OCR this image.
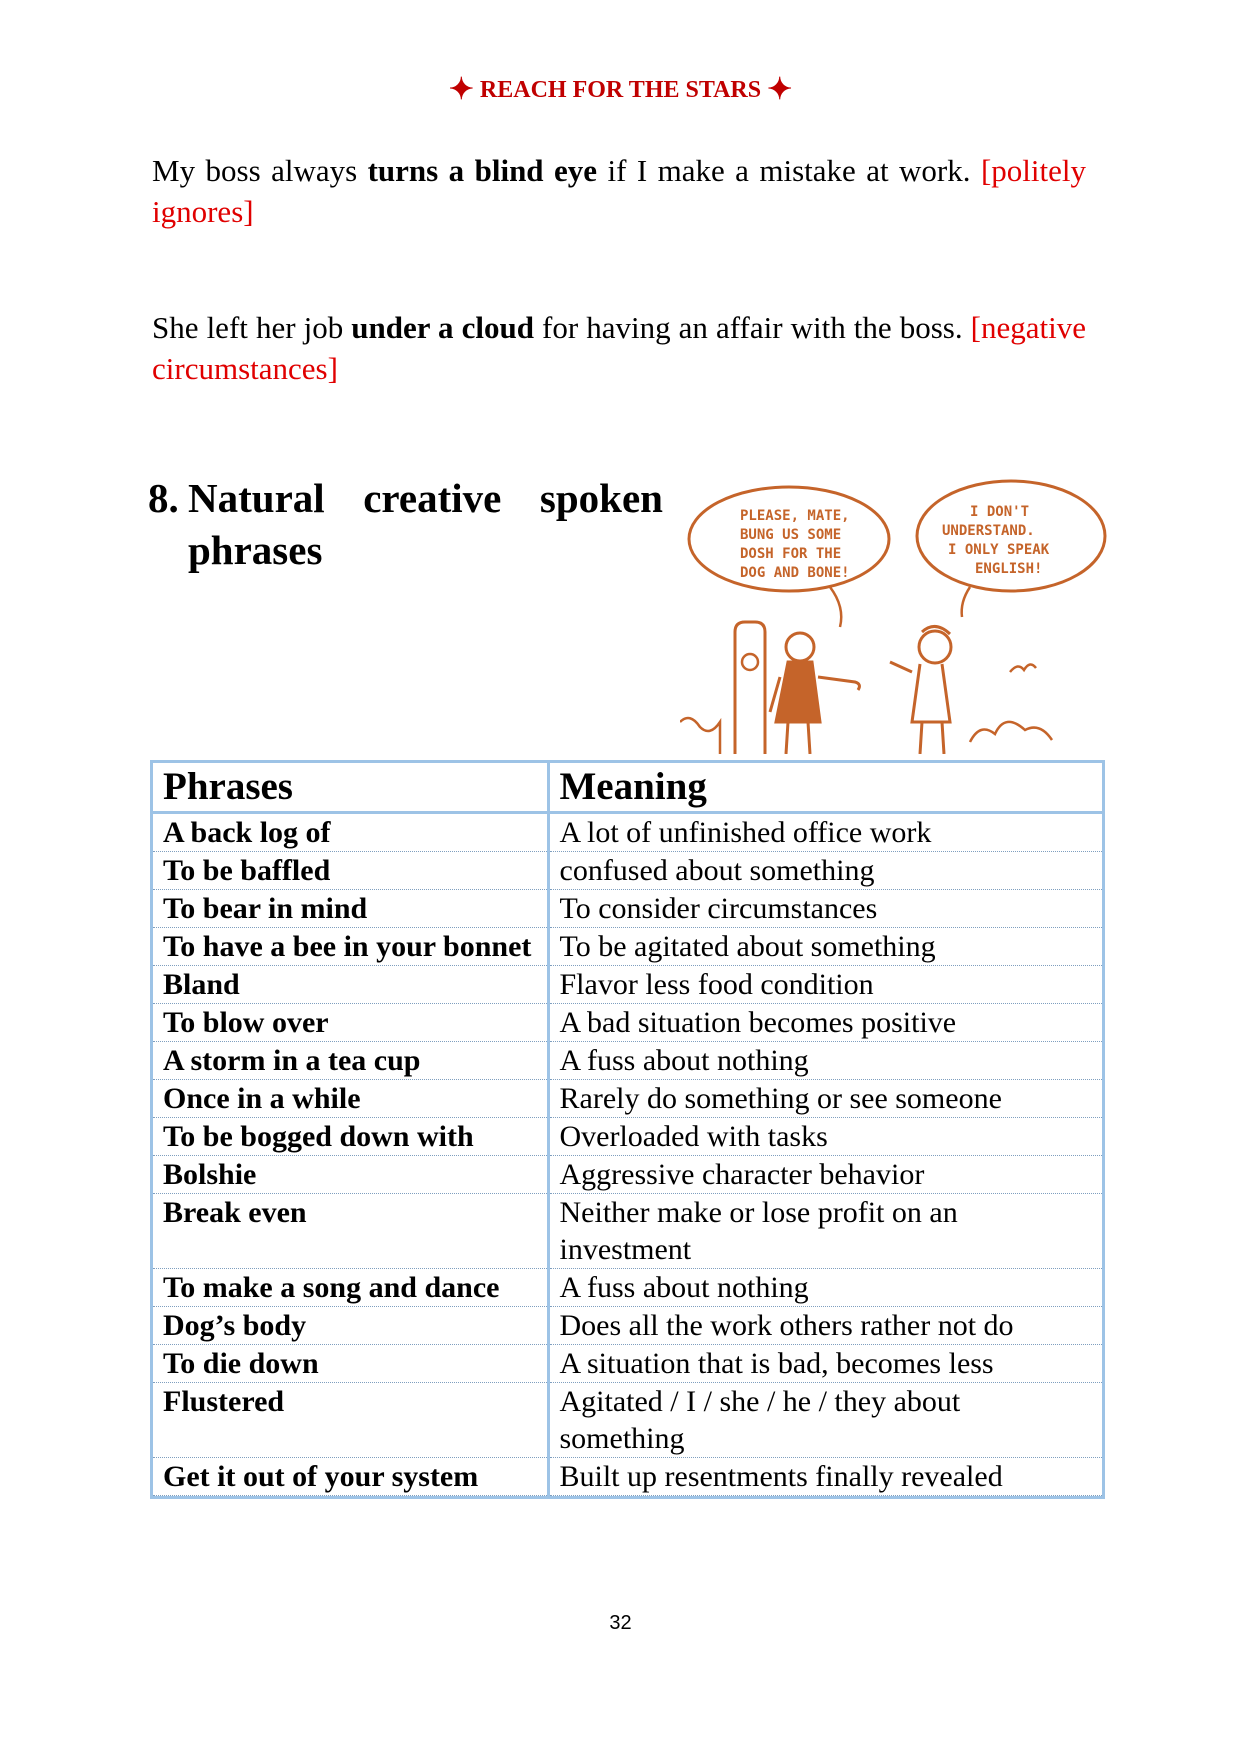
✦ REACH FOR THE STARS ✦
My boss always turns a blind eye if I make a mistake at work. [politely ignores]
She left her job under a cloud for having an affair with the boss. [negative circumstances]
8. Natural creative spoken
phrases
PLEASE, MATE,
BUNG US SOME
DOSH FOR THE
DOG AND BONE!
I DON'T
UNDERSTAND.
I ONLY SPEAK
ENGLISH!
Phrases	Meaning
A back log of	A lot of unfinished office work
To be baffled	confused about something
To bear in mind	To consider circumstances
To have a bee in your bonnet	To be agitated about something
Bland	Flavor less food condition
To blow over	A bad situation becomes positive
A storm in a tea cup	A fuss about nothing
Once in a while	Rarely do something or see someone
To be bogged down with	Overloaded with tasks
Bolshie	Aggressive character behavior
Break even	Neither make or lose profit on an investment
To make a song and dance	A fuss about nothing
Dog’s body	Does all the work others rather not do
To die down	A situation that is bad, becomes less
Flustered	Agitated / I / she / he / they about something
Get it out of your system	Built up resentments finally revealed
32
